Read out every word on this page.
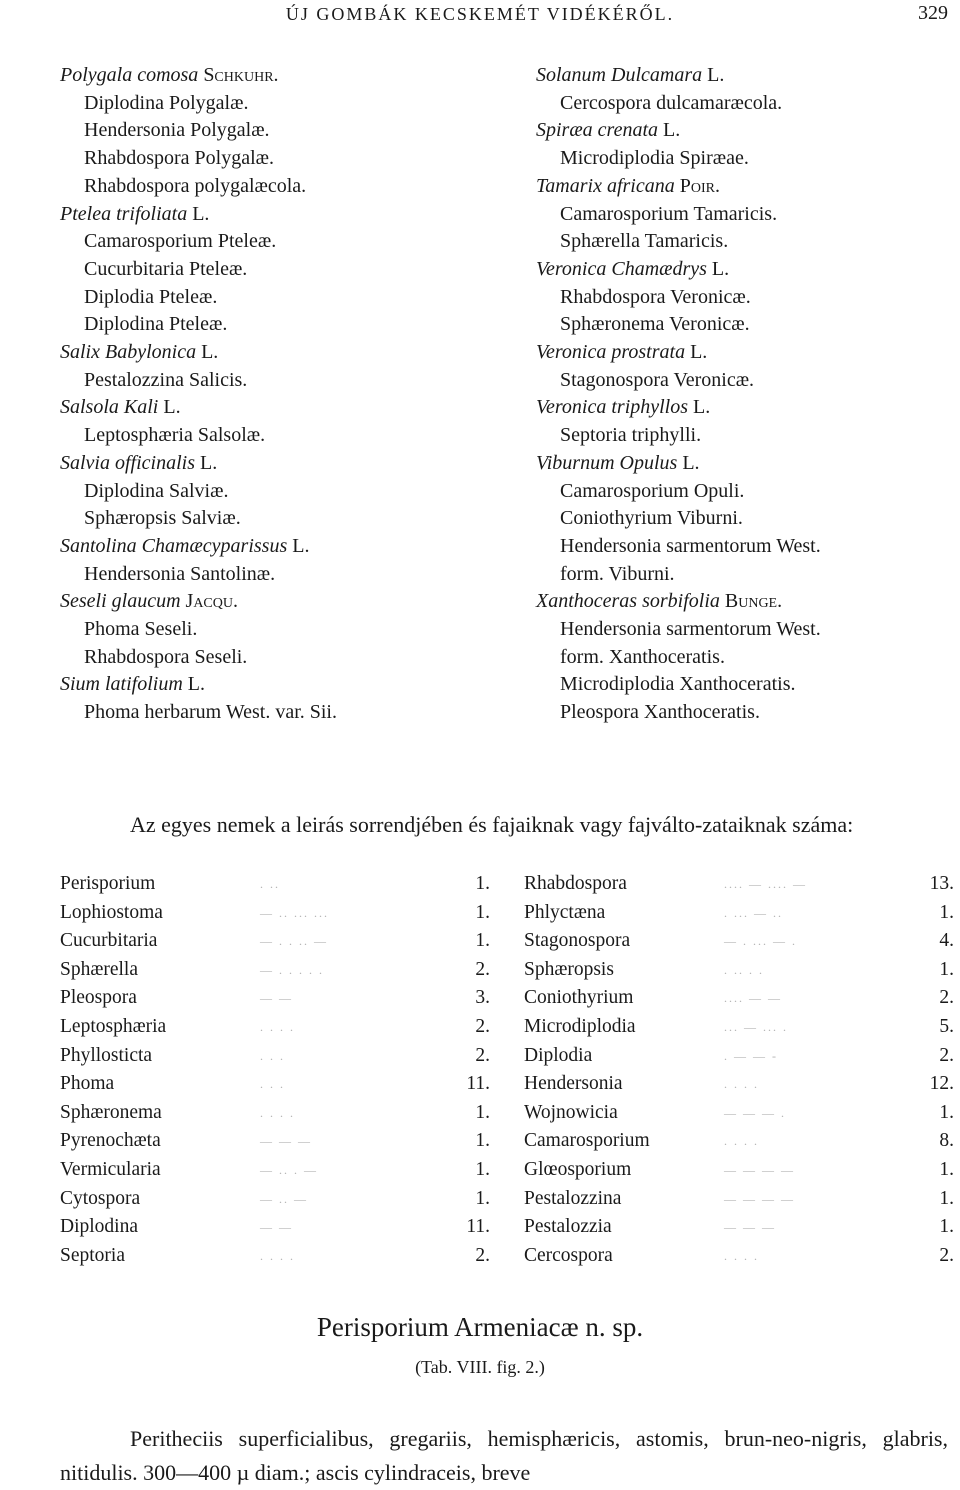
ÚJ GOMBÁK KECSKEMÉT VIDÉKÉRŐL.	329
Polygala comosa Schkuhr.
Diplodina Polygalæ.
Hendersonia Polygalæ.
Rhabdospora Polygalæ.
Rhabdospora polygalæcola.
Ptelea trifoliata L.
Camarosporium Pteleæ.
Cucurbitaria Pteleæ.
Diplodia Pteleæ.
Diplodina Pteleæ.
Salix Babylonica L.
Pestalozzina Salicis.
Salsola Kali L.
Leptosphæria Salsolæ.
Salvia officinalis L.
Diplodina Salviæ.
Sphæropsis Salviæ.
Santolina Chamæcyparissus L.
Hendersonia Santolinæ.
Seseli glaucum Jacqu.
Phoma Seseli.
Rhabdospora Seseli.
Sium latifolium L.
Phoma herbarum West. var. Sii.
Solanum Dulcamara L.
Cercospora dulcamaræcola.
Spiræa crenata L.
Microdiplodia Spiræae.
Tamarix africana Poir.
Camarosporium Tamaricis.
Sphærella Tamaricis.
Veronica Chamædrys L.
Rhabdospora Veronicæ.
Sphæronema Veronicæ.
Veronica prostrata L.
Stagonospora Veronicæ.
Veronica triphyllos L.
Septoria triphylli.
Viburnum Opulus L.
Camarosporium Opuli.
Coniothyrium Viburni.
Hendersonia sarmentorum West.
form. Viburni.
Xanthoceras sorbifolia Bunge.
Hendersonia sarmentorum West.
form. Xanthoceratis.
Microdiplodia Xanthoceratis.
Pleospora Xanthoceratis.

Az egyes nemek a leirás sorrendjében és fajaiknak vagy fajválto-zataiknak száma:

Perisporium	. ..	1.
Lophiostoma	— .. ... ...	1.
Cucurbitaria	— . . .. —	1.
Sphærella	— . . . . .	2.
Pleospora	— —	3.
Leptosphæria	. . . .	2.
Phyllosticta	. . .	2.
Phoma	. . .	11.
Sphæronema	. . . .	1.
Pyrenochæta	— — —	1.
Vermicularia	— .. . —	1.
Cytospora	— .. —	1.
Diplodina	— —	11.
Septoria	. . . .	2.
Rhabdospora	.... — .... —	13.
Phlyctæna	. ... — ..	1.
Stagonospora	— . ... — .	4.
Sphæropsis	. .. . .	1.
Coniothyrium	.... — —	2.
Microdiplodia	... — ... .	5.
Diplodia	. — — -	2.
Hendersonia	. . . .	12.
Wojnowicia	— — — .	1.
Camarosporium	. . . .	8.
Glœosporium	— — — —	1.
Pestalozzina	— — — —	1.
Pestalozzia	— — —	1.
Cercospora	. . . .	2.
Perisporium Armeniacæ n. sp.
(Tab. VIII. fig. 2.)

Peritheciis superficialibus, gregariis, hemisphæricis, astomis, brun-neo-nigris, glabris, nitidulis. 300—400 µ diam.; ascis cylindraceis, breve
